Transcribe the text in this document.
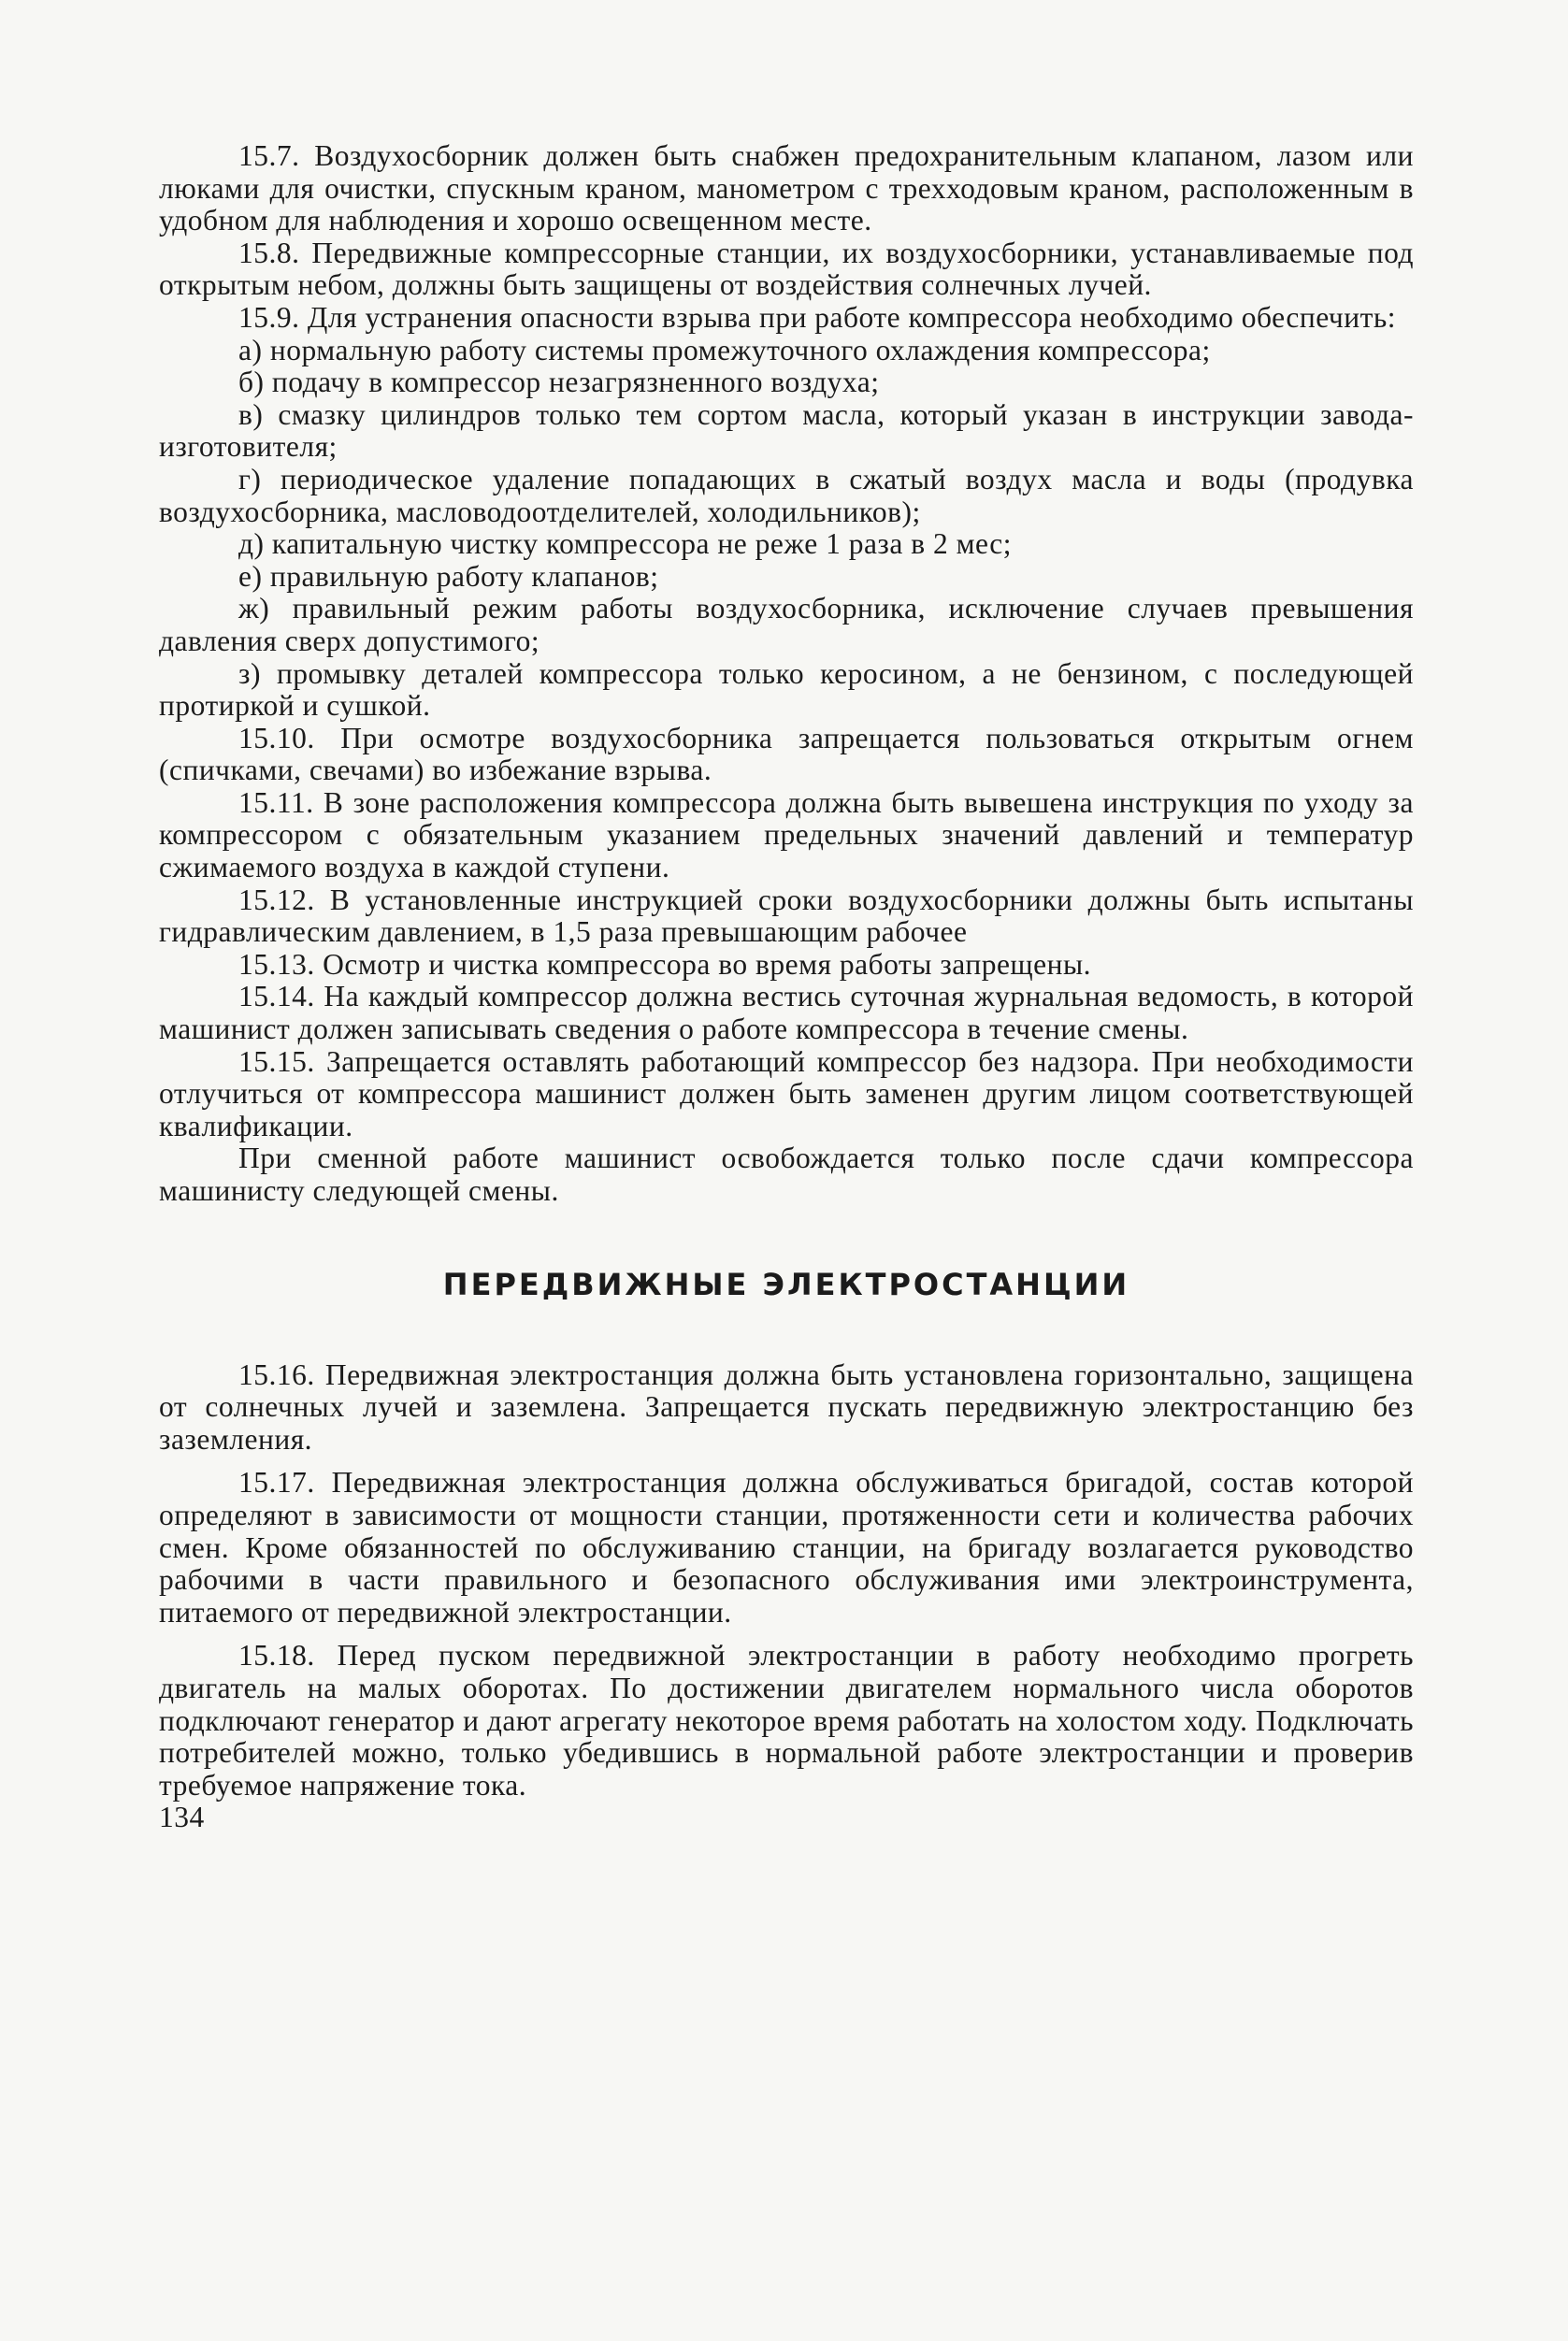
15.7. Воздухосборник должен быть снабжен предохранительным клапаном, лазом или люками для очистки, спускным краном, манометром с трехходовым краном, расположенным в удобном для наблюдения и хорошо освещенном месте.

15.8. Передвижные компрессорные станции, их воздухосборники, устанавливаемые под открытым небом, должны быть защищены от воздействия солнечных лучей.

15.9. Для устранения опасности взрыва при работе компрессора необходимо обеспечить:

а) нормальную работу системы промежуточного охлаждения компрессора;

б) подачу в компрессор незагрязненного воздуха;

в) смазку цилиндров только тем сортом масла, который указан в инструкции завода-изготовителя;

г) периодическое удаление попадающих в сжатый воздух масла и воды (продувка воздухосборника, масловодоотделителей, холодильников);

д) капитальную чистку компрессора не реже 1 раза в 2 мес;

е) правильную работу клапанов;

ж) правильный режим работы воздухосборника, исключение случаев превышения давления сверх допустимого;

з) промывку деталей компрессора только керосином, а не бензином, с последующей протиркой и сушкой.

15.10. При осмотре воздухосборника запрещается пользоваться открытым огнем (спичками, свечами) во избежание взрыва.

15.11. В зоне расположения компрессора должна быть вывешена инструкция по уходу за компрессором с обязательным указанием предельных значений давлений и температур сжимаемого воздуха в каждой ступени.

15.12. В установленные инструкцией сроки воздухосборники должны быть испытаны гидравлическим давлением, в 1,5 раза превышающим рабочее

15.13. Осмотр и чистка компрессора во время работы запрещены.

15.14. На каждый компрессор должна вестись суточная журнальная ведомость, в которой машинист должен записывать сведения о работе компрессора в течение смены.

15.15. Запрещается оставлять работающий компрессор без надзора. При необходимости отлучиться от компрессора машинист должен быть заменен другим лицом соответствующей квалификации.

При сменной работе машинист освобождается только после сдачи компрессора машинисту следующей смены.

ПЕРЕДВИЖНЫЕ ЭЛЕКТРОСТАНЦИИ

15.16. Передвижная электростанция должна быть установлена горизонтально, защищена от солнечных лучей и заземлена. Запрещается пускать передвижную электростанцию без заземления.

15.17. Передвижная электростанция должна обслуживаться бригадой, состав которой определяют в зависимости от мощности станции, протяженности сети и количества рабочих смен. Кроме обязанностей по обслуживанию станции, на бригаду возлагается руководство рабочими в части правильного и безопасного обслуживания ими электроинструмента, питаемого от передвижной электростанции.

15.18. Перед пуском передвижной электростанции в работу необходимо прогреть двигатель на малых оборотах. По достижении двигателем нормального числа оборотов подключают генератор и дают агрегату некоторое время работать на холостом ходу. Подключать потребителей можно, только убедившись в нормальной работе электростанции и проверив требуемое напряжение тока.

134
